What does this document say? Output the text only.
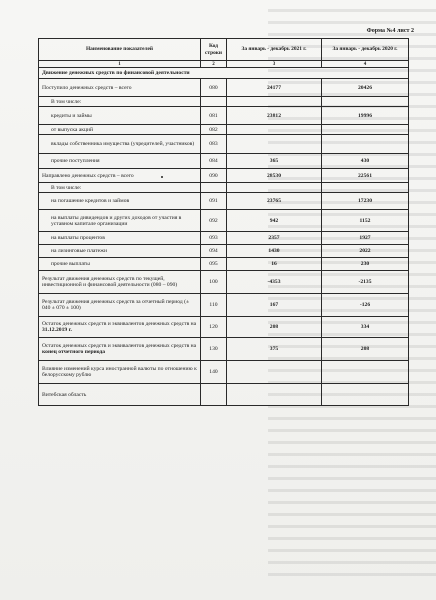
Форма №4 лист 2
Наименование показателей	Код строки	За январь - декабрь 2021 г.	За январь - декабрь 2020 г.
1	2	3	4
Движение денежных средств по финансовой деятельности			
Поступило денежных средств – всего	080	24177	20426
В том числе:			
кредиты и займы	081	23812	19996
от выпуска акций	082		
вклады собственника имущества (учредителей, участников)	083		
прочие поступления	084	365	430
Направлено денежных средств – всего	090	28530	22561
В том числе:			
на погашение кредитов и займов	091	23765	17230
на выплаты дивидендов и других доходов от участия в уставном капитале организации	092	942	1152
на выплаты процентов	093	2357	1927
на лизинговые платежи	094	1430	2022
прочие выплаты	095	16	230
Результат движения денежных средств по текущей, инвестиционной и финансовой деятельности (080 – 090)	100	-4353	-2135
Результат движения денежных средств за отчетный период (± 040 ± 070 ± 100)	110	167	-126
Остаток денежных средств и эквивалентов денежных средств на 31.12.2019 г.	120	208	334
Остаток денежных средств и эквивалентов денежных средств на конец отчетного периода	130	375	208
Влияние изменений курса иностранной валюты по отношению к белорусскому рублю	140		
Витебская область			
